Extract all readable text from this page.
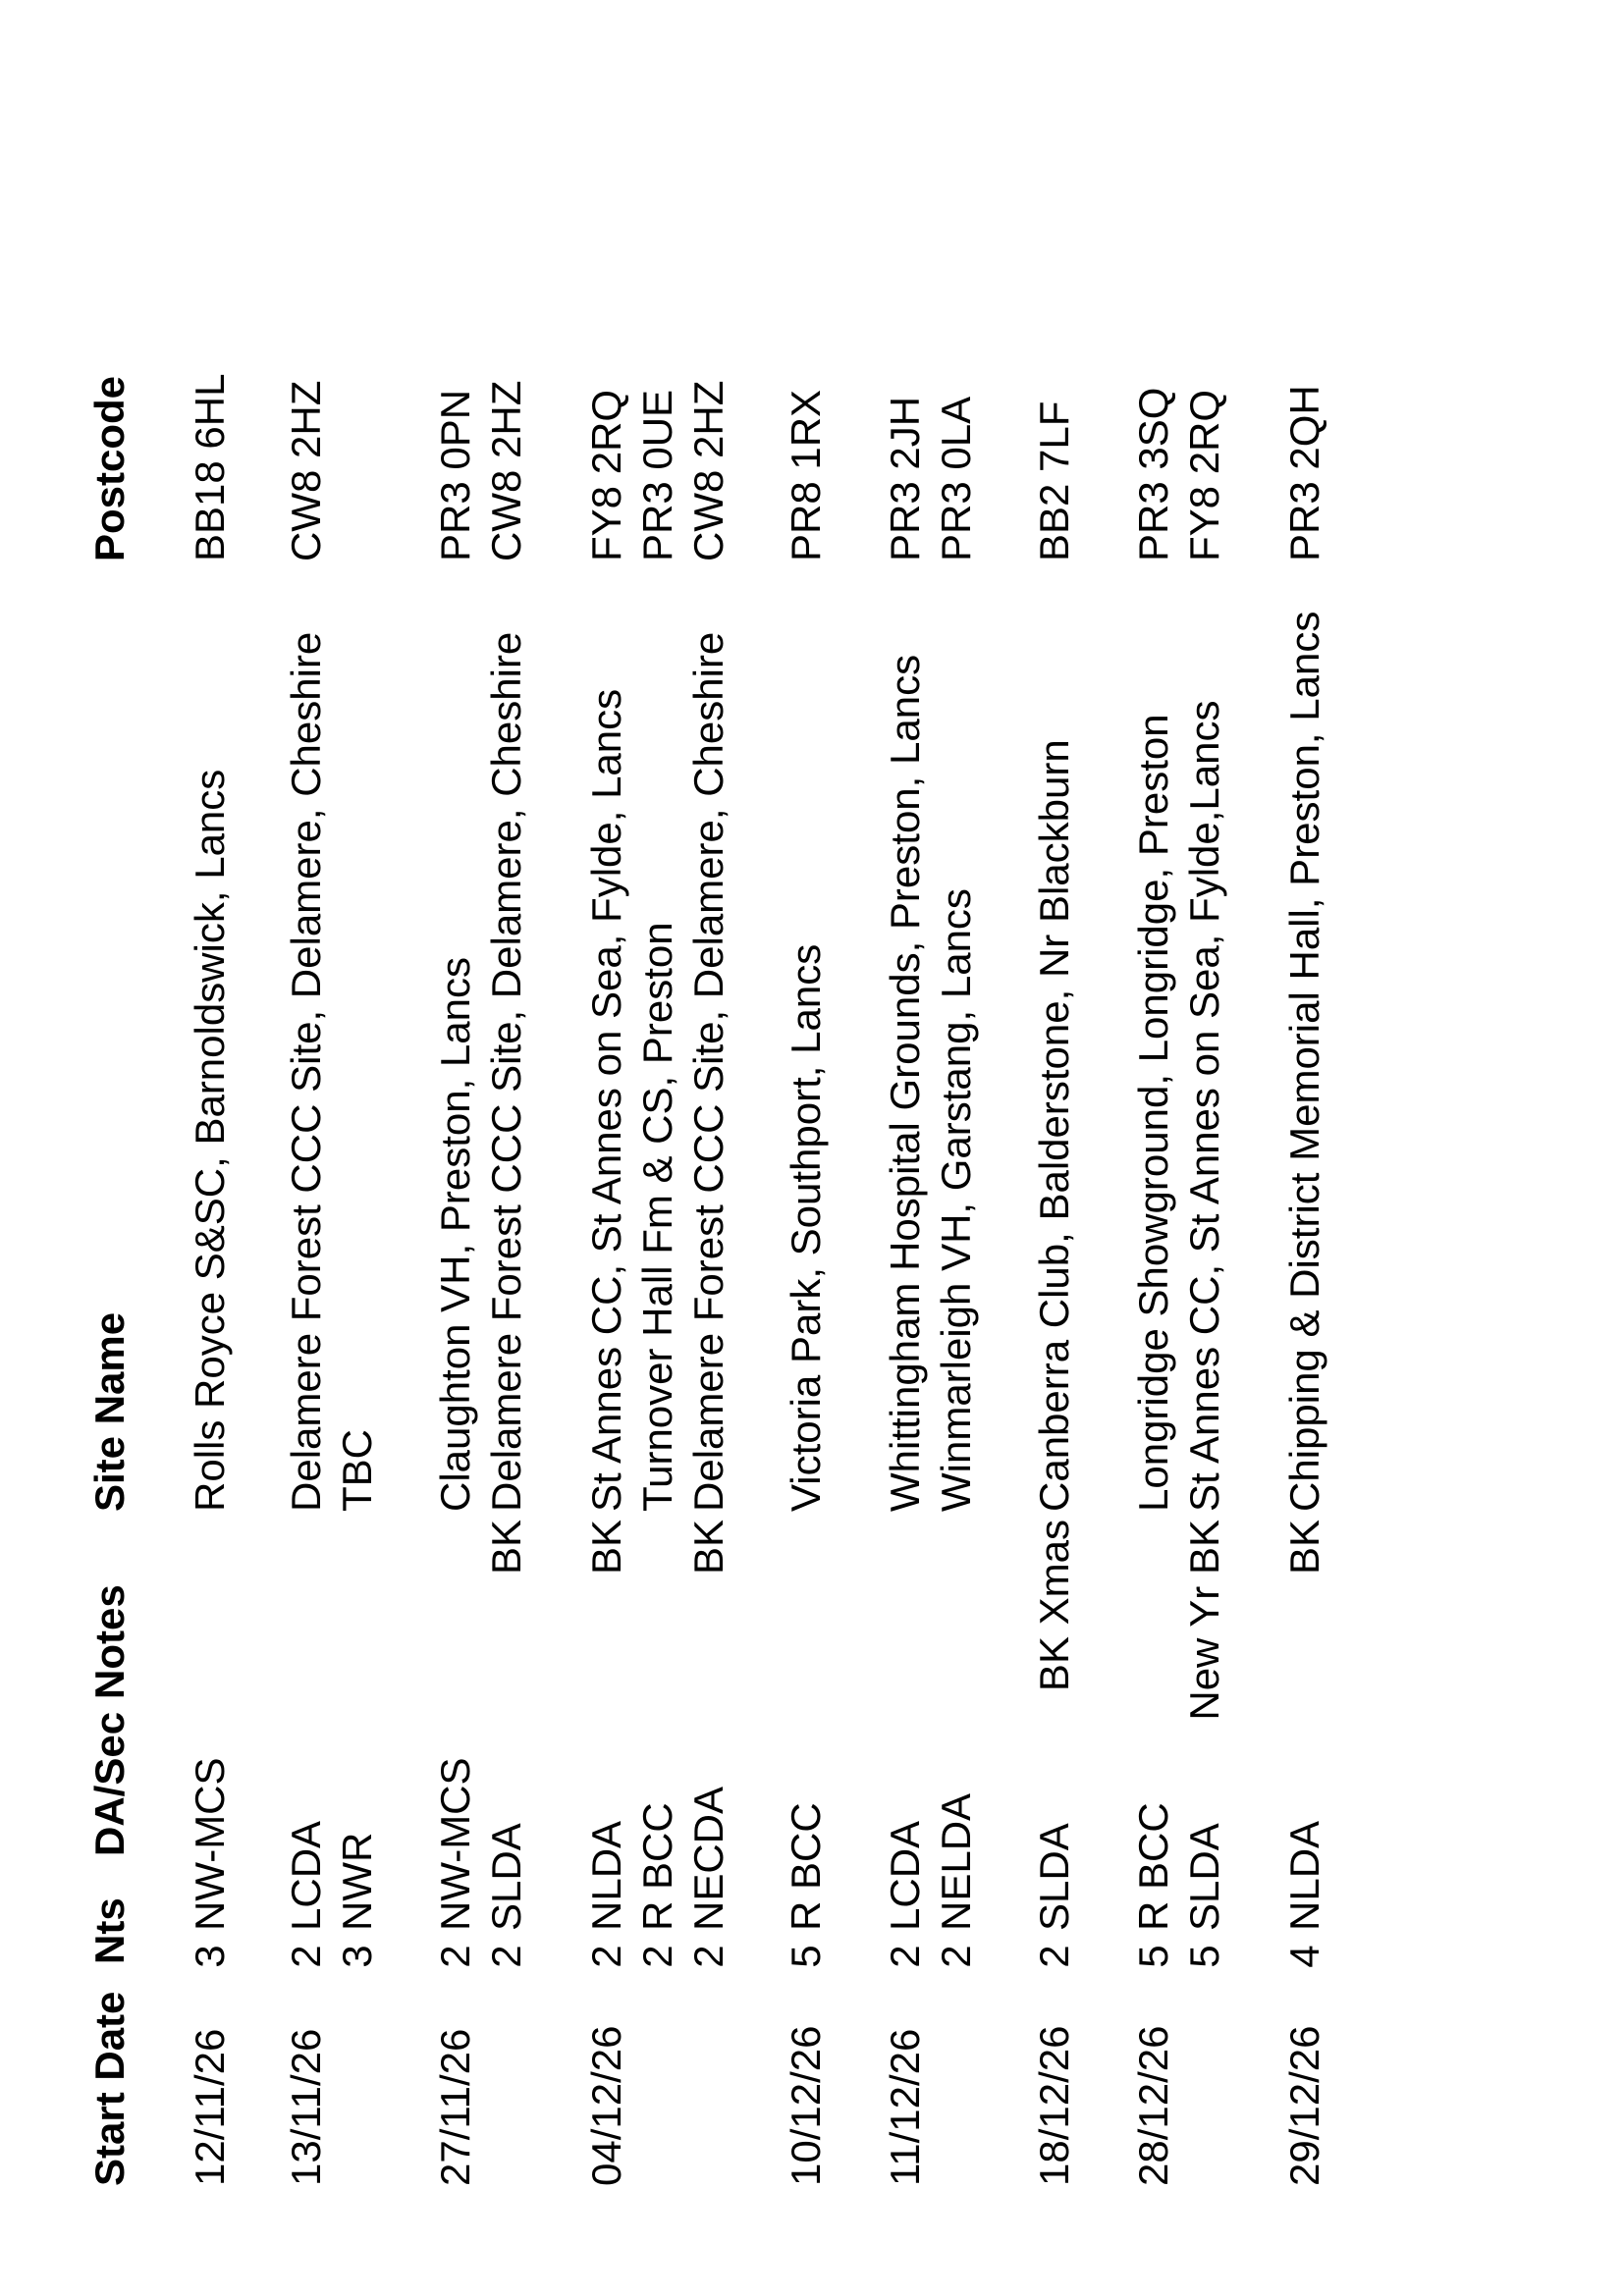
Start Date
Nts
DA/Sec
Notes
Site Name
Postcode
12/11/26
3
NW-MCS
Rolls Royce S&SC, Barnoldswick, Lancs
BB18 6HL
13/11/26
2
LCDA
Delamere Forest CCC Site, Delamere, Cheshire
CW8 2HZ
3
NWR
TBC
27/11/26
2
NW-MCS
Claughton VH, Preston, Lancs
PR3 0PN
2
SLDA
Delamere Forest CCC Site, Delamere, Cheshire
CW8 2HZ
BK
04/12/26
2
NLDA
St Annes CC, St Annes on Sea, Fylde, Lancs
FY8 2RQ
BK
2
R BCC
Turnover Hall Fm & CS, Preston
PR3 0UE
2
NECDA
Delamere Forest CCC Site, Delamere, Cheshire
CW8 2HZ
BK
10/12/26
5
R BCC
Victoria Park, Southport, Lancs
PR8 1RX
11/12/26
2
LCDA
Whittingham Hospital Grounds, Preston, Lancs
PR3 2JH
2
NELDA
Winmarleigh VH, Garstang, Lancs
PR3 0LA
18/12/26
2
SLDA
Canberra Club, Balderstone, Nr Blackburn
BB2 7LF
BK Xmas
28/12/26
5
R BCC
Longridge Showground, Longridge, Preston
PR3 3SQ
5
SLDA
St Annes CC, St Annes on Sea, Fylde,Lancs
FY8 2RQ
New Yr BK
29/12/26
4
NLDA
Chipping & District Memorial Hall, Preston, Lancs
PR3 2QH
BK
